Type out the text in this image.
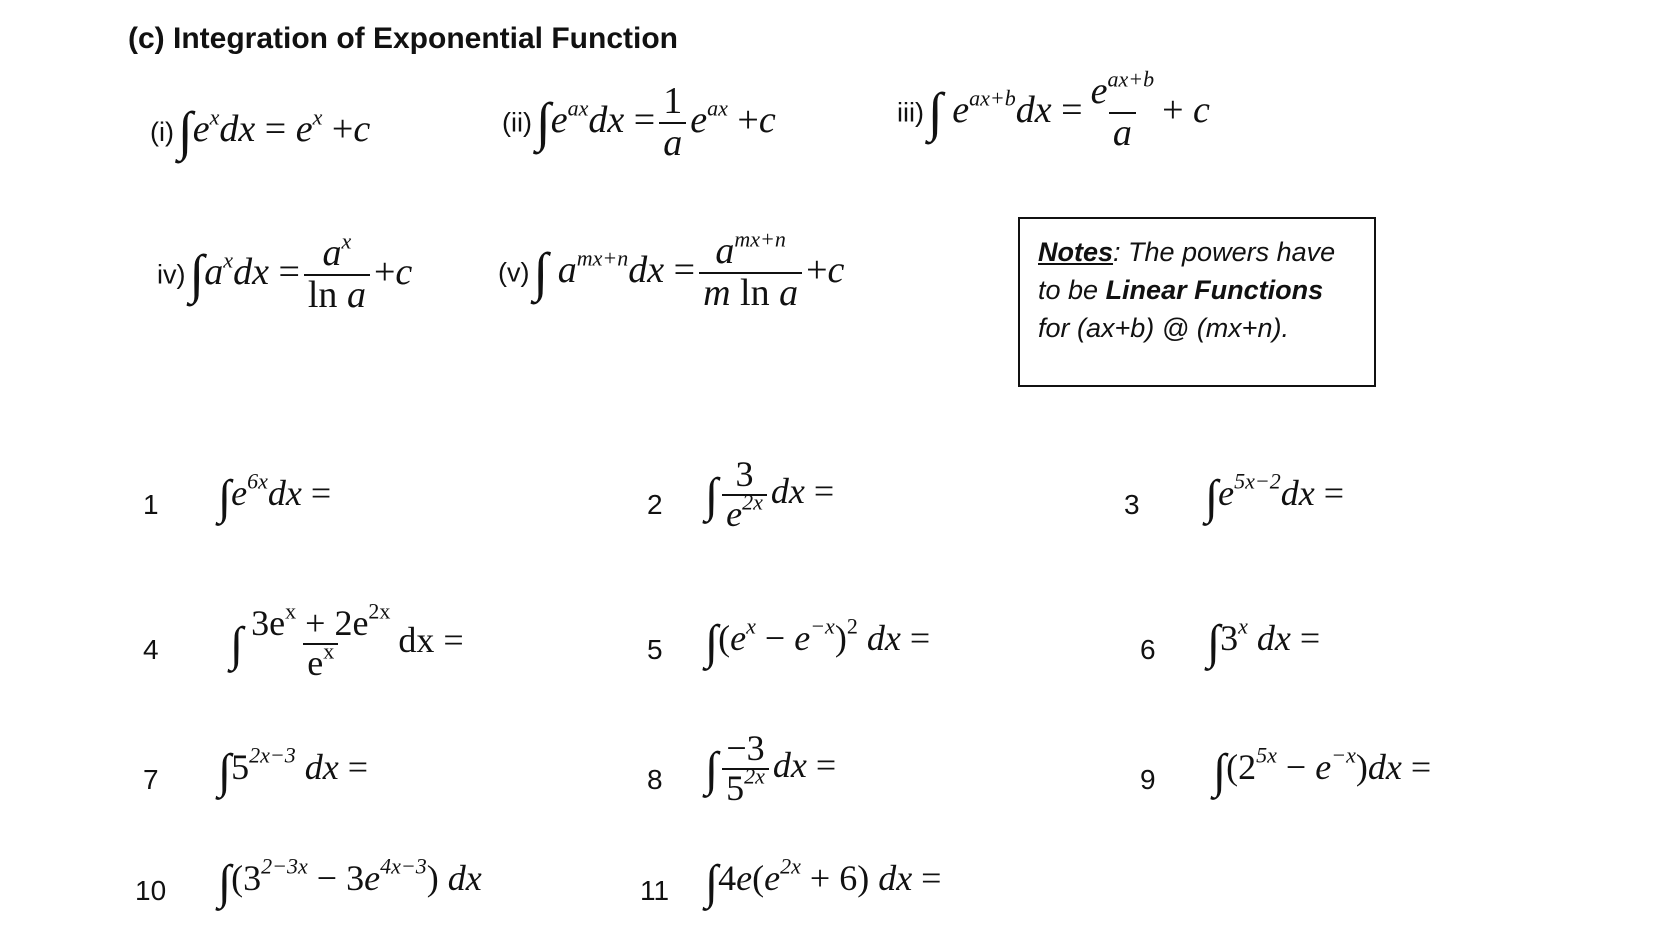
(c) Integration of Exponential Function
(i) $\int e^xdx = e^x +c$	(ii) $\int e^{ax}dx = \frac{1}{a} e^{ax} +c$	iii) ∫ $e^{ax+b}dx = \frac{e^{ax+b}}{a} + c$
iv) $\int a^xdx = \frac{a^x}{\text{ln a}} +c$	(v) ∫ $a^{mx+n}dx = \frac{a^{mx+n}}{\text{m ln a}} +c$	Notes: The powers have
to be Linear Functions
for (ax+b) @ (mx+n).
1 $\int e^{6x}dx$ =	2 ∫ $\frac{3}{e^{2x}}$ dx =	3 $\int e^{5x-2}dx$ =
4 ∫ $\frac{3e^x + 2e^{2x}}{e^x}$ dx =	5 $\int(e^x - e^{-x})^2$ dx =	6 ∫3$^x$ dx =
7 $\int 5^{2x-3}$ dx =	8 ∫ $\frac{-3}{5^{2x}}$ dx =	9 $\int(2^{5x} - e^{-x})dx$ =
10 $\int(3^{2-3x} - 3e^{4x-3})$ dx	11 $\int 4e(e^{2x} + 6)$ dx =
